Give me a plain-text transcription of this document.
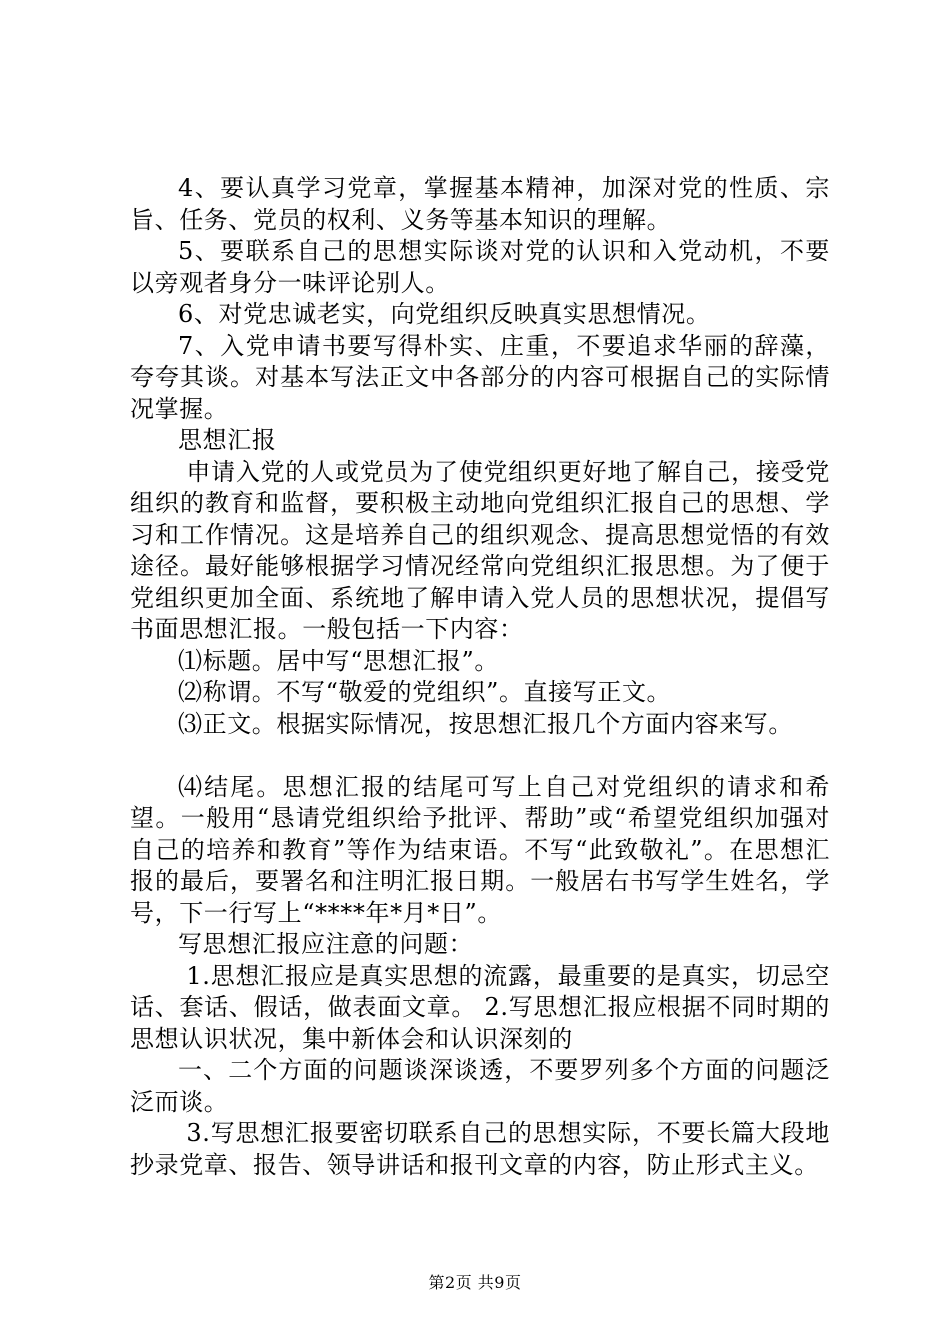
4、要认真学习党章，掌握基本精神，加深对党的性质、宗旨、任务、党员的权利、义务等基本知识的理解。

5、要联系自己的思想实际谈对党的认识和入党动机，不要以旁观者身分一味评论别人。

6、对党忠诚老实，向党组织反映真实思想情况。

7、入党申请书要写得朴实、庄重，不要追求华丽的辞藻，夸夸其谈。对基本写法正文中各部分的内容可根据自己的实际情况掌握。

思想汇报

申请入党的人或党员为了使党组织更好地了解自己，接受党组织的教育和监督，要积极主动地向党组织汇报自己的思想、学习和工作情况。这是培养自己的组织观念、提高思想觉悟的有效途径。最好能够根据学习情况经常向党组织汇报思想。为了便于党组织更加全面、系统地了解申请入党人员的思想状况，提倡写书面思想汇报。一般包括一下内容：

⑴标题。居中写“思想汇报”。

⑵称谓。不写“敬爱的党组织”。直接写正文。

⑶正文。根据实际情况，按思想汇报几个方面内容来写。

⑷结尾。思想汇报的结尾可写上自己对党组织的请求和希望。一般用“恳请党组织给予批评、帮助”或“希望党组织加强对自己的培养和教育”等作为结束语。不写“此致敬礼”。在思想汇报的最后，要署名和注明汇报日期。一般居右书写学生姓名，学号，下一行写上“****年*月*日”。

写思想汇报应注意的问题：

1.思想汇报应是真实思想的流露，最重要的是真实，切忌空话、套话、假话，做表面文章。 2.写思想汇报应根据不同时期的思想认识状况，集中新体会和认识深刻的

一、二个方面的问题谈深谈透，不要罗列多个方面的问题泛泛而谈。

3.写思想汇报要密切联系自己的思想实际，不要长篇大段地抄录党章、报告、领导讲话和报刊文章的内容，防止形式主义。

第2页 共9页
